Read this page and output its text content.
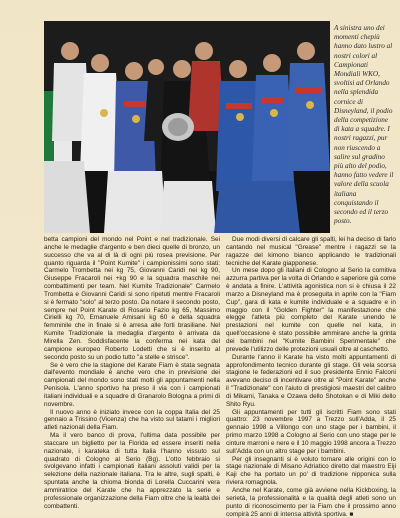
A sinistra uno dei momenti chepiù hanno dato lustro al nostri colori al Campionati Mondiali WKO, svoltisi ad Orlando nella splendida cornice di Disneyland, il podio della competizione di kata a squadre. I nostri ragazzi, pur non riuscendo a salire sul gradino più alto del podio, hanno fatto vedere il valore della scuola italiana conquistando il secondo ed il terzo posto.

betta campioni del mondo nel Point e nel tradizionale. Sei anche le medaglie d'argento e ben dieci quelle di bronzo, un successo che va al di là di ogni più rosea previsione. Per quanto riguarda il "Point Kumite" i campionissimi sono stati: Carmelo Trombetta nei kg 75, Giovanni Caridi nei kg 90, Giuseppe Fracaroli nei +kg 90 e la squadra maschile nei combattimenti per team. Nel Kumite Tradizionale" Carmelo Trombetta e Giovanni Caridi si sono ripetuti mentre Fracaroli si è fermato "solo" al terzo posto. Da notare il secondo posto, sempre nel Point Karate di Rosario Fazio kg 65, Massimo Cirielli kg 70, Emanuele Amisani kg 60 e della squadra femminile che in finale si è arresa alle forti brasiliane. Nel Kumite Tradizionale la medaglia d'argento è arrivata da Mirella Zen. Soddisfacente la conferma nei kata del campione europeo Roberto Lodetti che si è inserito al secondo posto su un podio tutto "a stelle e strisce".

Se è vero che la stagione del Karate Fiam è stata segnata dall'evento mondiale è anche vero che in previsione dei campionati del mondo sono stati molti gli appuntamenti nella Penisola. L'anno sportivo ha preso il via con i campionati italiani individuali e a squadre di Granarolo Bologna a primi di novembre.

Il nuovo anno è iniziato invece con la coppa Italia del 25 gennaio a Trissino (Vicenza) che ha visto sul tatami i migliori atleti nazionali della Fiam.

Ma il vero banco di prova, l'ultima data possibile per staccare un biglietto per la Florida ed essere inseriti nella nazionale, i karateka di tutta Italia l'hanno vissuto sul quadrato di Cologno al Serio (Bg). L'otto febbraio si svolgevano infatti i campionati italiani assoluti validi per la selezione della nazionale italiana. Tra le altre, sugli spalti, è spuntata anche la chioma bionda di Lorella Cuccarini vera ammiratrice del Karate che ha apprezzato la serie e professionale organizzazione della Fiam oltre che la lealtà dei combattenti.

Due modi diversi di calcare gli spalti, lei ha deciso di farlo cantando nel musical "Grease" mentre i ragazzi se la ragazze del kimono bianco applicando le tradizionali tecniche del Karate giapponese.

Un mese dopo gli italiani di Cologno al Serio la comitiva azzurra partiva per la volta di Orlando e saperiore già come è andata a finire. L'attività agonistica non si è chiusa il 22 marzo a Disneyland ma è proseguita in aprile con la "Fiam Cup", gara di kata e kumite individuale e a squadre e in maggio con il "Golden Fighter" la manifestazione che elegge l'atleta più completo del Karate unendo le prestazioni nel kumite con quelle nel kata, in quell'occasione è stato possibile ammirare anche la grinta dei bambini nel "Kumite Bambini Sperimentale" che prevede l'utilizzo delle protezioni usuali oltre al caschetto.

Durante l'anno il Karate ha visto molti appuntamenti di approfondimento tecnico durante gli stage. Gli vela scorsa stagione le federazioni ed il suo presidente Ennio Falconi avevano deciso di incentivare oltre al "Point Karate" anche il "Tradizionale" con l'aiuto di prestigiosi maestri del calibro di Mikami, Tanaka e Ozawa dello Shotokan e di Miki dello Shito Ryu.

Gli appuntamenti per tutti gli iscritti Fiam sono stati quattro: 23 novembre 1997 a Trezzo sull'Adda, il 25 gennaio 1998 a Villongo con uno stage per i bambini, il primo marzo 1998 a Cologno al Serio con uno stage per le cinture marroni e nere e il 10 maggio 1998 ancora a Trezzo sull'Adda con un altro stage per i bambini.

Per gli insegnanti si è voluto tornare alle origini con lo stage nazionale di Misano Adriatico diretto dal maestro Eiji Kaji che ha portato un po' di tradizione nipponica sulla riviera romagnola.

Anche nel Karate, come già avviene nella Kickboxing, la serietà, la professionalità e la qualità degli atleti sono un punto di riconoscimento per la Fiam che il prossimo anno compirà 25 anni di intensa attività sportiva. ■
